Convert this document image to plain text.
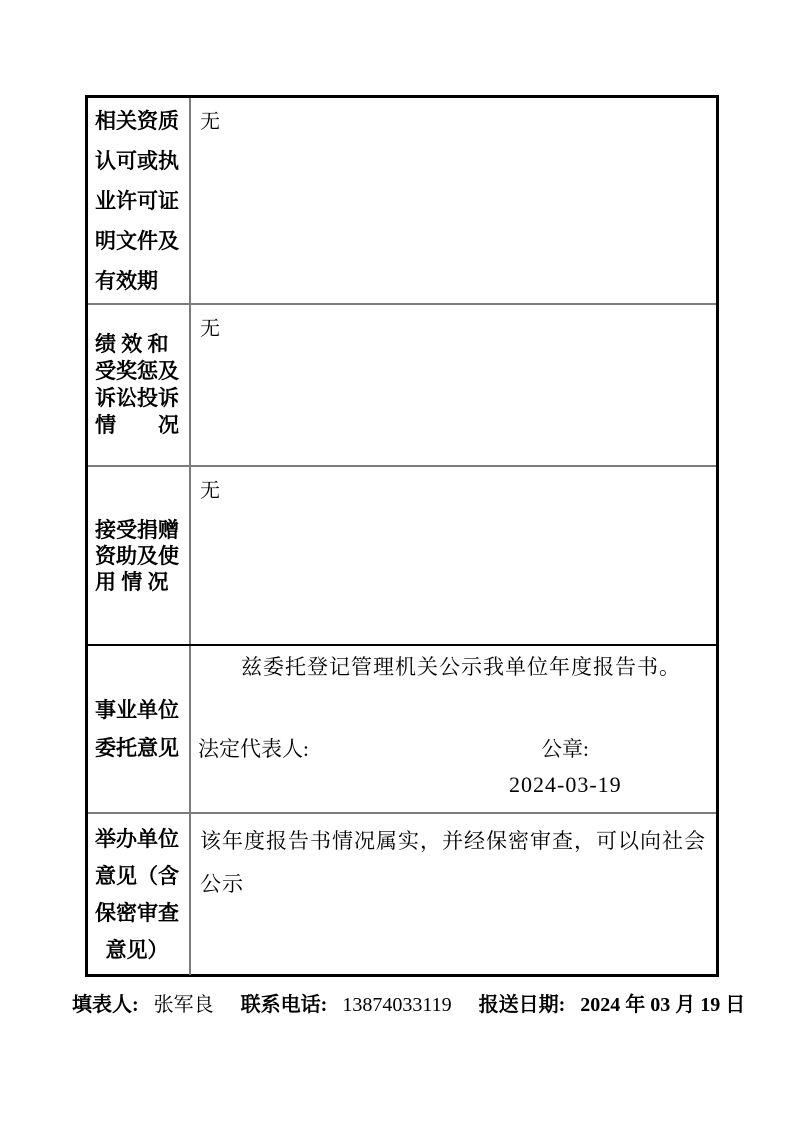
相关资质
认可或执
业许可证
明文件及
有效期
无
绩 效 和
受奖惩及
诉讼投诉
情　　况
无
接受捐赠
资助及使
用 情 况
无
事业单位
委托意见
兹委托登记管理机关公示我单位年度报告书。
法定代表人:	公章:
2024-03-19
举办单位
意见（含
保密审查
意见）
该年度报告书情况属实，并经保密审查，可以向社会公示
填表人: 张军良 联系电话: 13874033119 报送日期: 2024 年 03 月 19 日
